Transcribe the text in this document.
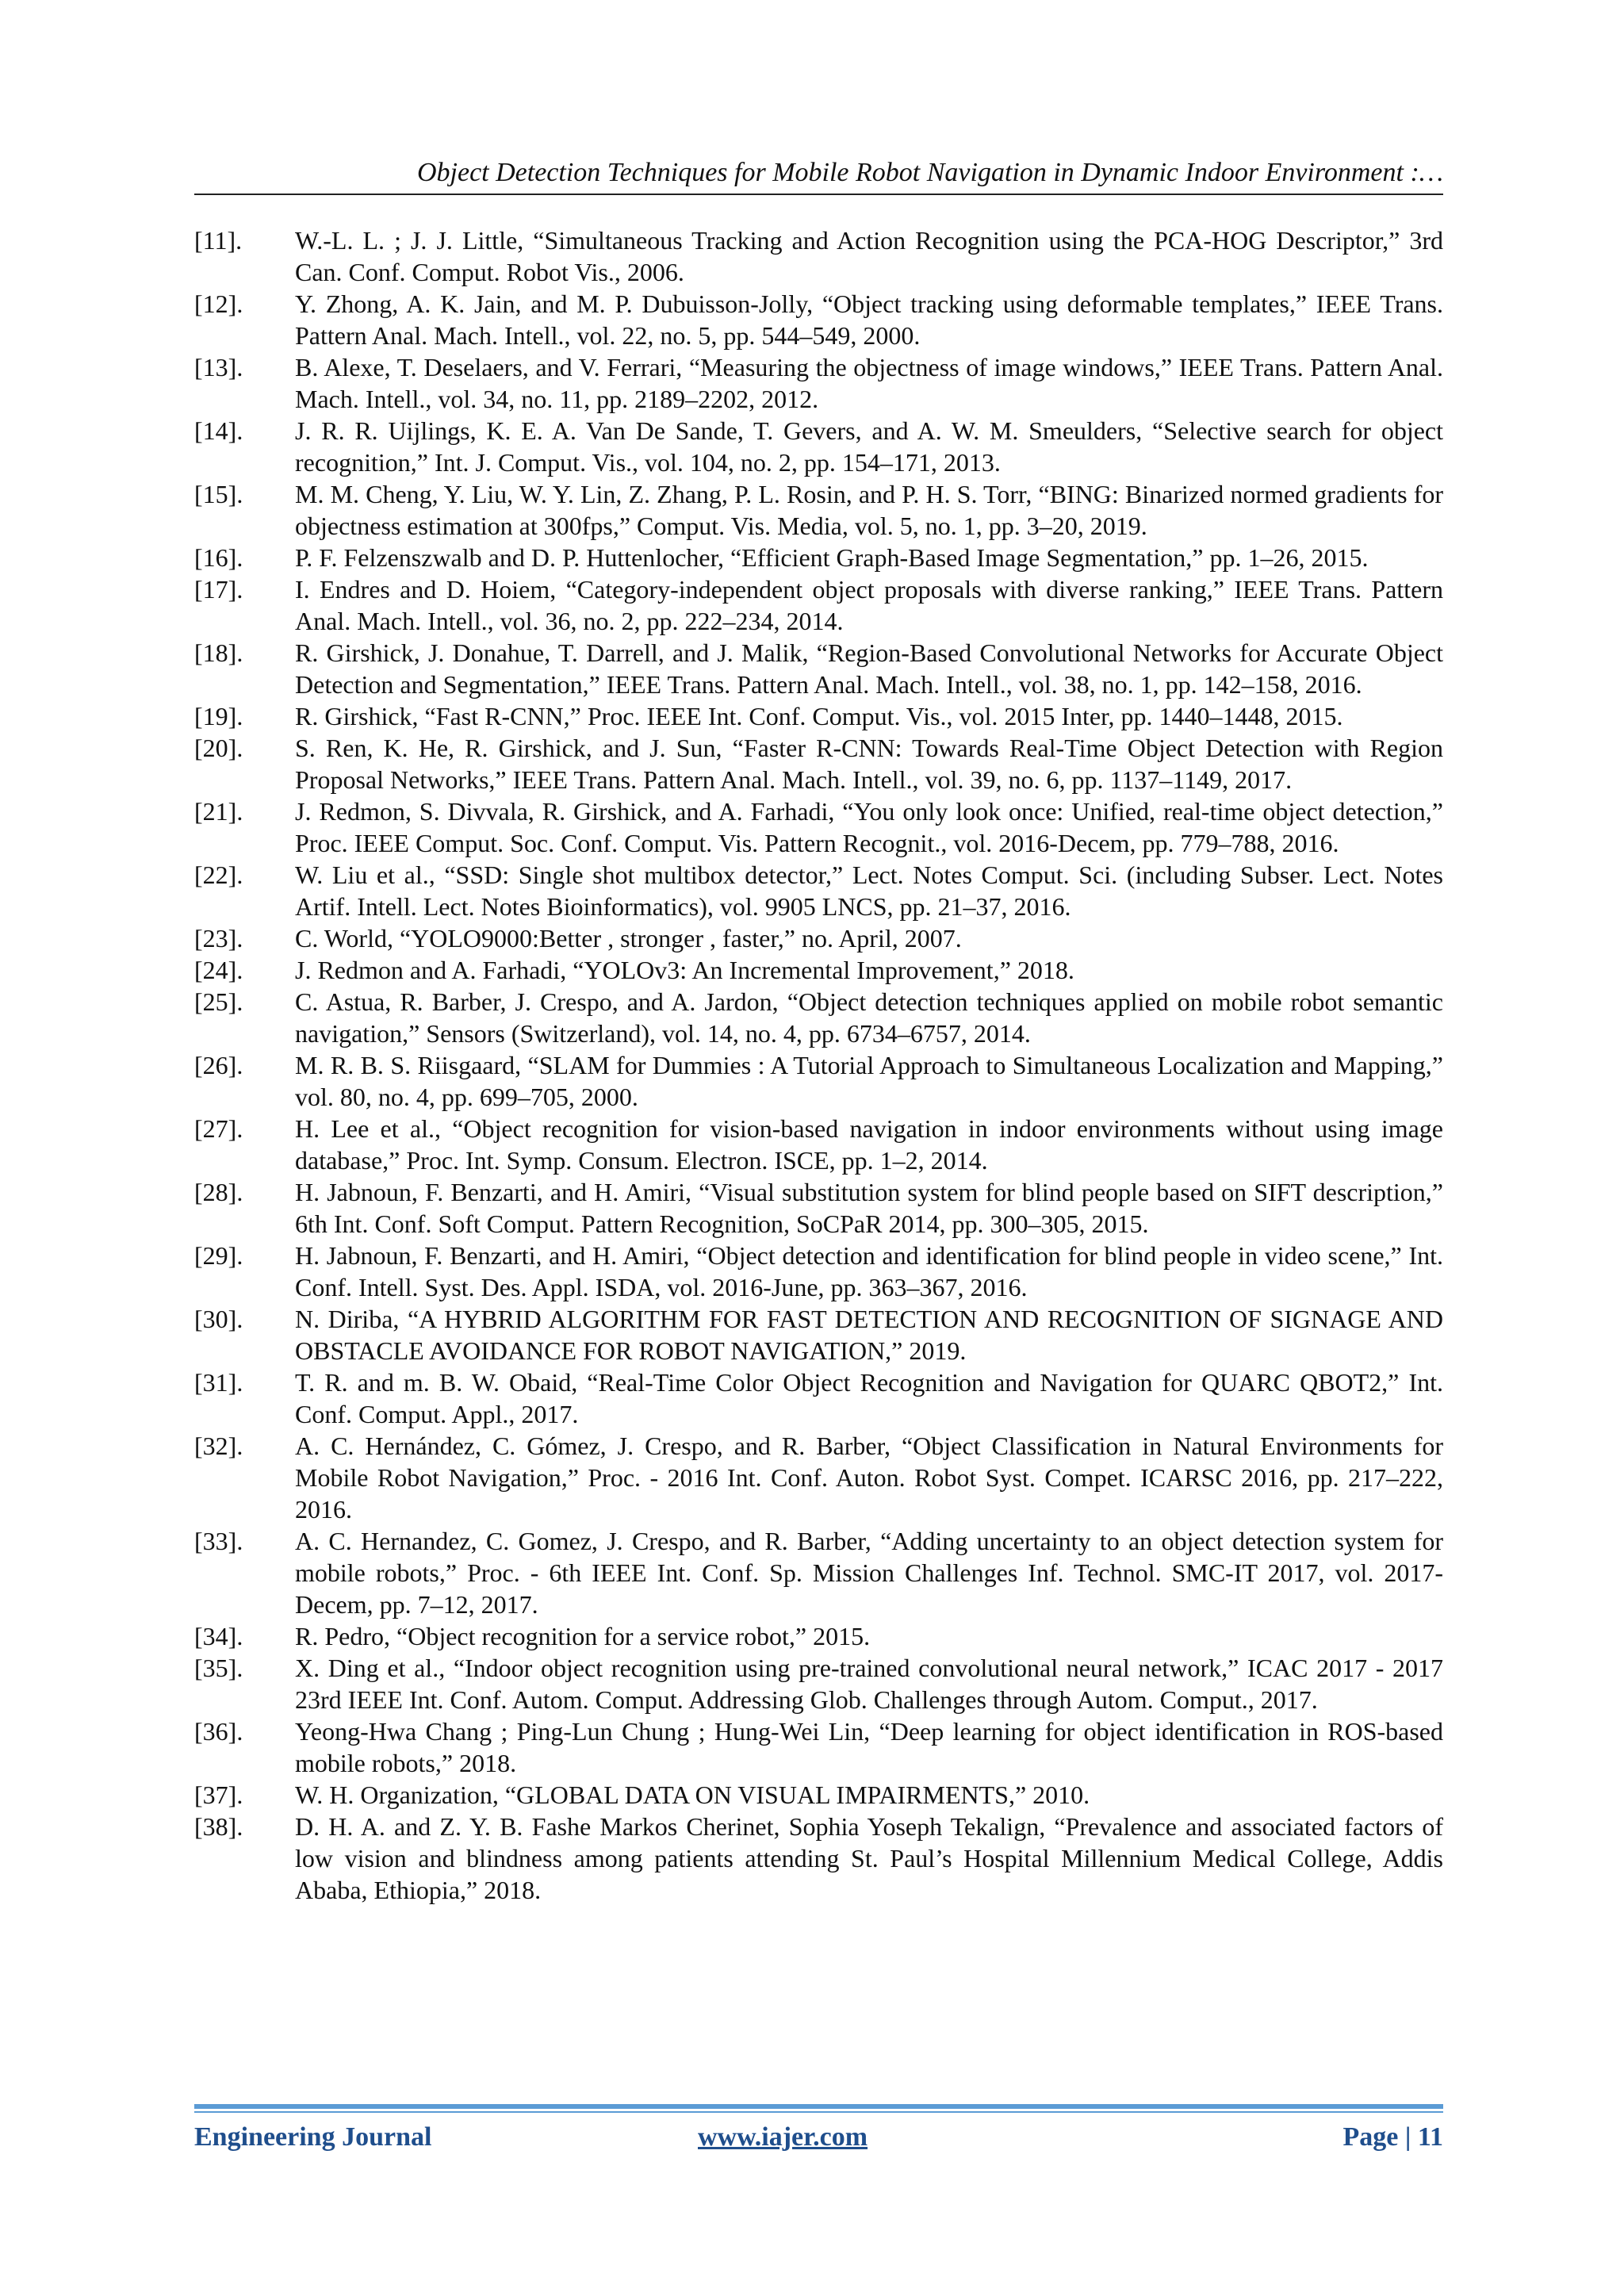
Object Detection Techniques for Mobile Robot Navigation in Dynamic Indoor Environment :…
[11]. W.-L. L. ; J. J. Little, “Simultaneous Tracking and Action Recognition using the PCA-HOG Descriptor,” 3rd Can. Conf. Comput. Robot Vis., 2006.
[12]. Y. Zhong, A. K. Jain, and M. P. Dubuisson-Jolly, “Object tracking using deformable templates,” IEEE Trans. Pattern Anal. Mach. Intell., vol. 22, no. 5, pp. 544–549, 2000.
[13]. B. Alexe, T. Deselaers, and V. Ferrari, “Measuring the objectness of image windows,” IEEE Trans. Pattern Anal. Mach. Intell., vol. 34, no. 11, pp. 2189–2202, 2012.
[14]. J. R. R. Uijlings, K. E. A. Van De Sande, T. Gevers, and A. W. M. Smeulders, “Selective search for object recognition,” Int. J. Comput. Vis., vol. 104, no. 2, pp. 154–171, 2013.
[15]. M. M. Cheng, Y. Liu, W. Y. Lin, Z. Zhang, P. L. Rosin, and P. H. S. Torr, “BING: Binarized normed gradients for objectness estimation at 300fps,” Comput. Vis. Media, vol. 5, no. 1, pp. 3–20, 2019.
[16]. P. F. Felzenszwalb and D. P. Huttenlocher, “Efficient Graph-Based Image Segmentation,” pp. 1–26, 2015.
[17]. I. Endres and D. Hoiem, “Category-independent object proposals with diverse ranking,” IEEE Trans. Pattern Anal. Mach. Intell., vol. 36, no. 2, pp. 222–234, 2014.
[18]. R. Girshick, J. Donahue, T. Darrell, and J. Malik, “Region-Based Convolutional Networks for Accurate Object Detection and Segmentation,” IEEE Trans. Pattern Anal. Mach. Intell., vol. 38, no. 1, pp. 142–158, 2016.
[19]. R. Girshick, “Fast R-CNN,” Proc. IEEE Int. Conf. Comput. Vis., vol. 2015 Inter, pp. 1440–1448, 2015.
[20]. S. Ren, K. He, R. Girshick, and J. Sun, “Faster R-CNN: Towards Real-Time Object Detection with Region Proposal Networks,” IEEE Trans. Pattern Anal. Mach. Intell., vol. 39, no. 6, pp. 1137–1149, 2017.
[21]. J. Redmon, S. Divvala, R. Girshick, and A. Farhadi, “You only look once: Unified, real-time object detection,” Proc. IEEE Comput. Soc. Conf. Comput. Vis. Pattern Recognit., vol. 2016-Decem, pp. 779–788, 2016.
[22]. W. Liu et al., “SSD: Single shot multibox detector,” Lect. Notes Comput. Sci. (including Subser. Lect. Notes Artif. Intell. Lect. Notes Bioinformatics), vol. 9905 LNCS, pp. 21–37, 2016.
[23]. C. World, “YOLO9000:Better , stronger , faster,” no. April, 2007.
[24]. J. Redmon and A. Farhadi, “YOLOv3: An Incremental Improvement,” 2018.
[25]. C. Astua, R. Barber, J. Crespo, and A. Jardon, “Object detection techniques applied on mobile robot semantic navigation,” Sensors (Switzerland), vol. 14, no. 4, pp. 6734–6757, 2014.
[26]. M. R. B. S. Riisgaard, “SLAM for Dummies : A Tutorial Approach to Simultaneous Localization and Mapping,” vol. 80, no. 4, pp. 699–705, 2000.
[27]. H. Lee et al., “Object recognition for vision-based navigation in indoor environments without using image database,” Proc. Int. Symp. Consum. Electron. ISCE, pp. 1–2, 2014.
[28]. H. Jabnoun, F. Benzarti, and H. Amiri, “Visual substitution system for blind people based on SIFT description,” 6th Int. Conf. Soft Comput. Pattern Recognition, SoCPaR 2014, pp. 300–305, 2015.
[29]. H. Jabnoun, F. Benzarti, and H. Amiri, “Object detection and identification for blind people in video scene,” Int. Conf. Intell. Syst. Des. Appl. ISDA, vol. 2016-June, pp. 363–367, 2016.
[30]. N. Diriba, “A HYBRID ALGORITHM FOR FAST DETECTION AND RECOGNITION OF SIGNAGE AND OBSTACLE AVOIDANCE FOR ROBOT NAVIGATION,” 2019.
[31]. T. R. and m. B. W. Obaid, “Real-Time Color Object Recognition and Navigation for QUARC QBOT2,” Int. Conf. Comput. Appl., 2017.
[32]. A. C. Hernández, C. Gómez, J. Crespo, and R. Barber, “Object Classification in Natural Environments for Mobile Robot Navigation,” Proc. - 2016 Int. Conf. Auton. Robot Syst. Compet. ICARSC 2016, pp. 217–222, 2016.
[33]. A. C. Hernandez, C. Gomez, J. Crespo, and R. Barber, “Adding uncertainty to an object detection system for mobile robots,” Proc. - 6th IEEE Int. Conf. Sp. Mission Challenges Inf. Technol. SMC-IT 2017, vol. 2017-Decem, pp. 7–12, 2017.
[34]. R. Pedro, “Object recognition for a service robot,” 2015.
[35]. X. Ding et al., “Indoor object recognition using pre-trained convolutional neural network,” ICAC 2017 - 2017 23rd IEEE Int. Conf. Autom. Comput. Addressing Glob. Challenges through Autom. Comput., 2017.
[36]. Yeong-Hwa Chang ; Ping-Lun Chung ; Hung-Wei Lin, “Deep learning for object identification in ROS-based mobile robots,” 2018.
[37]. W. H. Organization, “GLOBAL DATA ON VISUAL IMPAIRMENTS,” 2010.
[38]. D. H. A. and Z. Y. B. Fashe Markos Cherinet, Sophia Yoseph Tekalign, “Prevalence and associated factors of low vision and blindness among patients attending St. Paul’s Hospital Millennium Medical College, Addis Ababa, Ethiopia,” 2018.
Engineering Journal	www.iajer.com	Page | 11
